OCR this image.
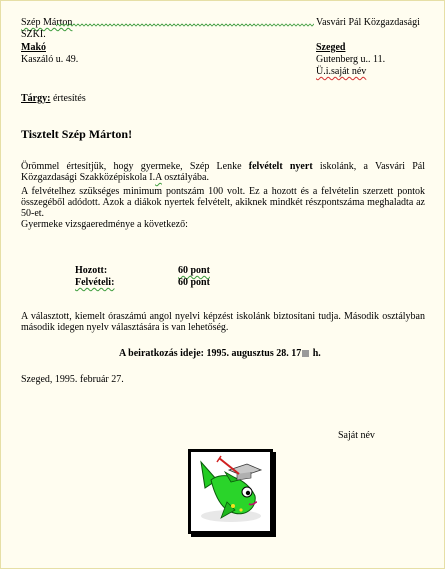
Szép Márton
SZKI.
Makó
Kaszáló u. 49.
Vasvári Pál Közgazdasági
Szeged
Gutenberg u.. 11.
Ü.i.saját név
Tárgy: értesítés
Tisztelt Szép Márton!
Örömmel értesítjük, hogy gyermeke, Szép Lenke felvételt nyert iskolánk, a Vasvári Pál Közgazdasági Szakközépiskola I.A osztályába.
A felvételhez szükséges minimum pontszám 100 volt. Ez a hozott és a felvételin szerzett pontok összegéből adódott. Azok a diákok nyertek felvételt, akiknek mindkét részpontszáma meghaladta az 50-et.
Gyermeke vizsgaeredménye a következő:
Hozott:	60 pont
Felvételi:	60 pont
A választott, kiemelt óraszámú angol nyelvi képzést iskolánk biztosítani tudja. Második osztályban második idegen nyelv választására is van lehetőség.
A beiratkozás ideje: 1995. augusztus 28. 17 h.
Szeged, 1995. február 27.
Saját név
